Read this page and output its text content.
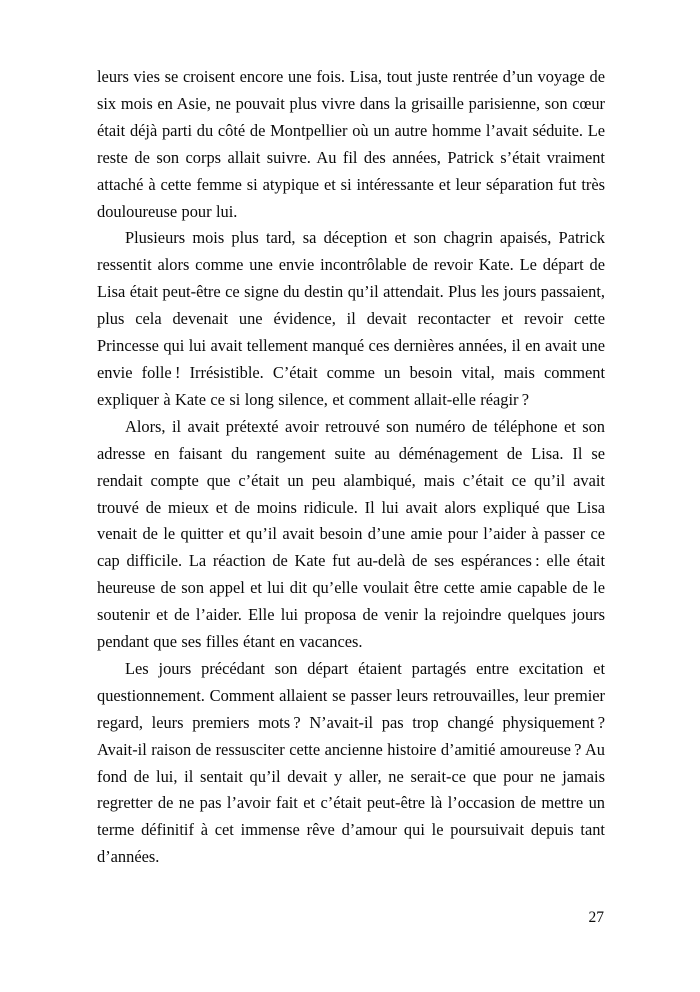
leurs vies se croisent encore une fois. Lisa, tout juste rentrée d’un voyage de six mois en Asie, ne pouvait plus vivre dans la grisaille parisienne, son cœur était déjà parti du côté de Montpellier où un autre homme l’avait séduite. Le reste de son corps allait suivre. Au fil des années, Patrick s’était vraiment attaché à cette femme si atypique et si intéressante et leur séparation fut très douloureuse pour lui.

Plusieurs mois plus tard, sa déception et son chagrin apaisés, Patrick ressentit alors comme une envie incontrôlable de revoir Kate. Le départ de Lisa était peut-être ce signe du destin qu’il attendait. Plus les jours passaient, plus cela devenait une évidence, il devait recontacter et revoir cette Princesse qui lui avait tellement manqué ces dernières années, il en avait une envie folle ! Irrésistible. C’était comme un besoin vital, mais comment expliquer à Kate ce si long silence, et comment allait-elle réagir ?

Alors, il avait prétexté avoir retrouvé son numéro de téléphone et son adresse en faisant du rangement suite au déménagement de Lisa. Il se rendait compte que c’était un peu alambiqué, mais c’était ce qu’il avait trouvé de mieux et de moins ridicule. Il lui avait alors expliqué que Lisa venait de le quitter et qu’il avait besoin d’une amie pour l’aider à passer ce cap difficile. La réaction de Kate fut au-delà de ses espérances : elle était heureuse de son appel et lui dit qu’elle voulait être cette amie capable de le soutenir et de l’aider. Elle lui proposa de venir la rejoindre quelques jours pendant que ses filles étant en vacances.

Les jours précédant son départ étaient partagés entre excitation et questionnement. Comment allaient se passer leurs retrouvailles, leur premier regard, leurs premiers mots ? N’avait-il pas trop changé physiquement ? Avait-il raison de ressusciter cette ancienne histoire d’amitié amoureuse ? Au fond de lui, il sentait qu’il devait y aller, ne serait-ce que pour ne jamais regretter de ne pas l’avoir fait et c’était peut-être là l’occasion de mettre un terme définitif à cet immense rêve d’amour qui le poursuivait depuis tant d’années.

27
